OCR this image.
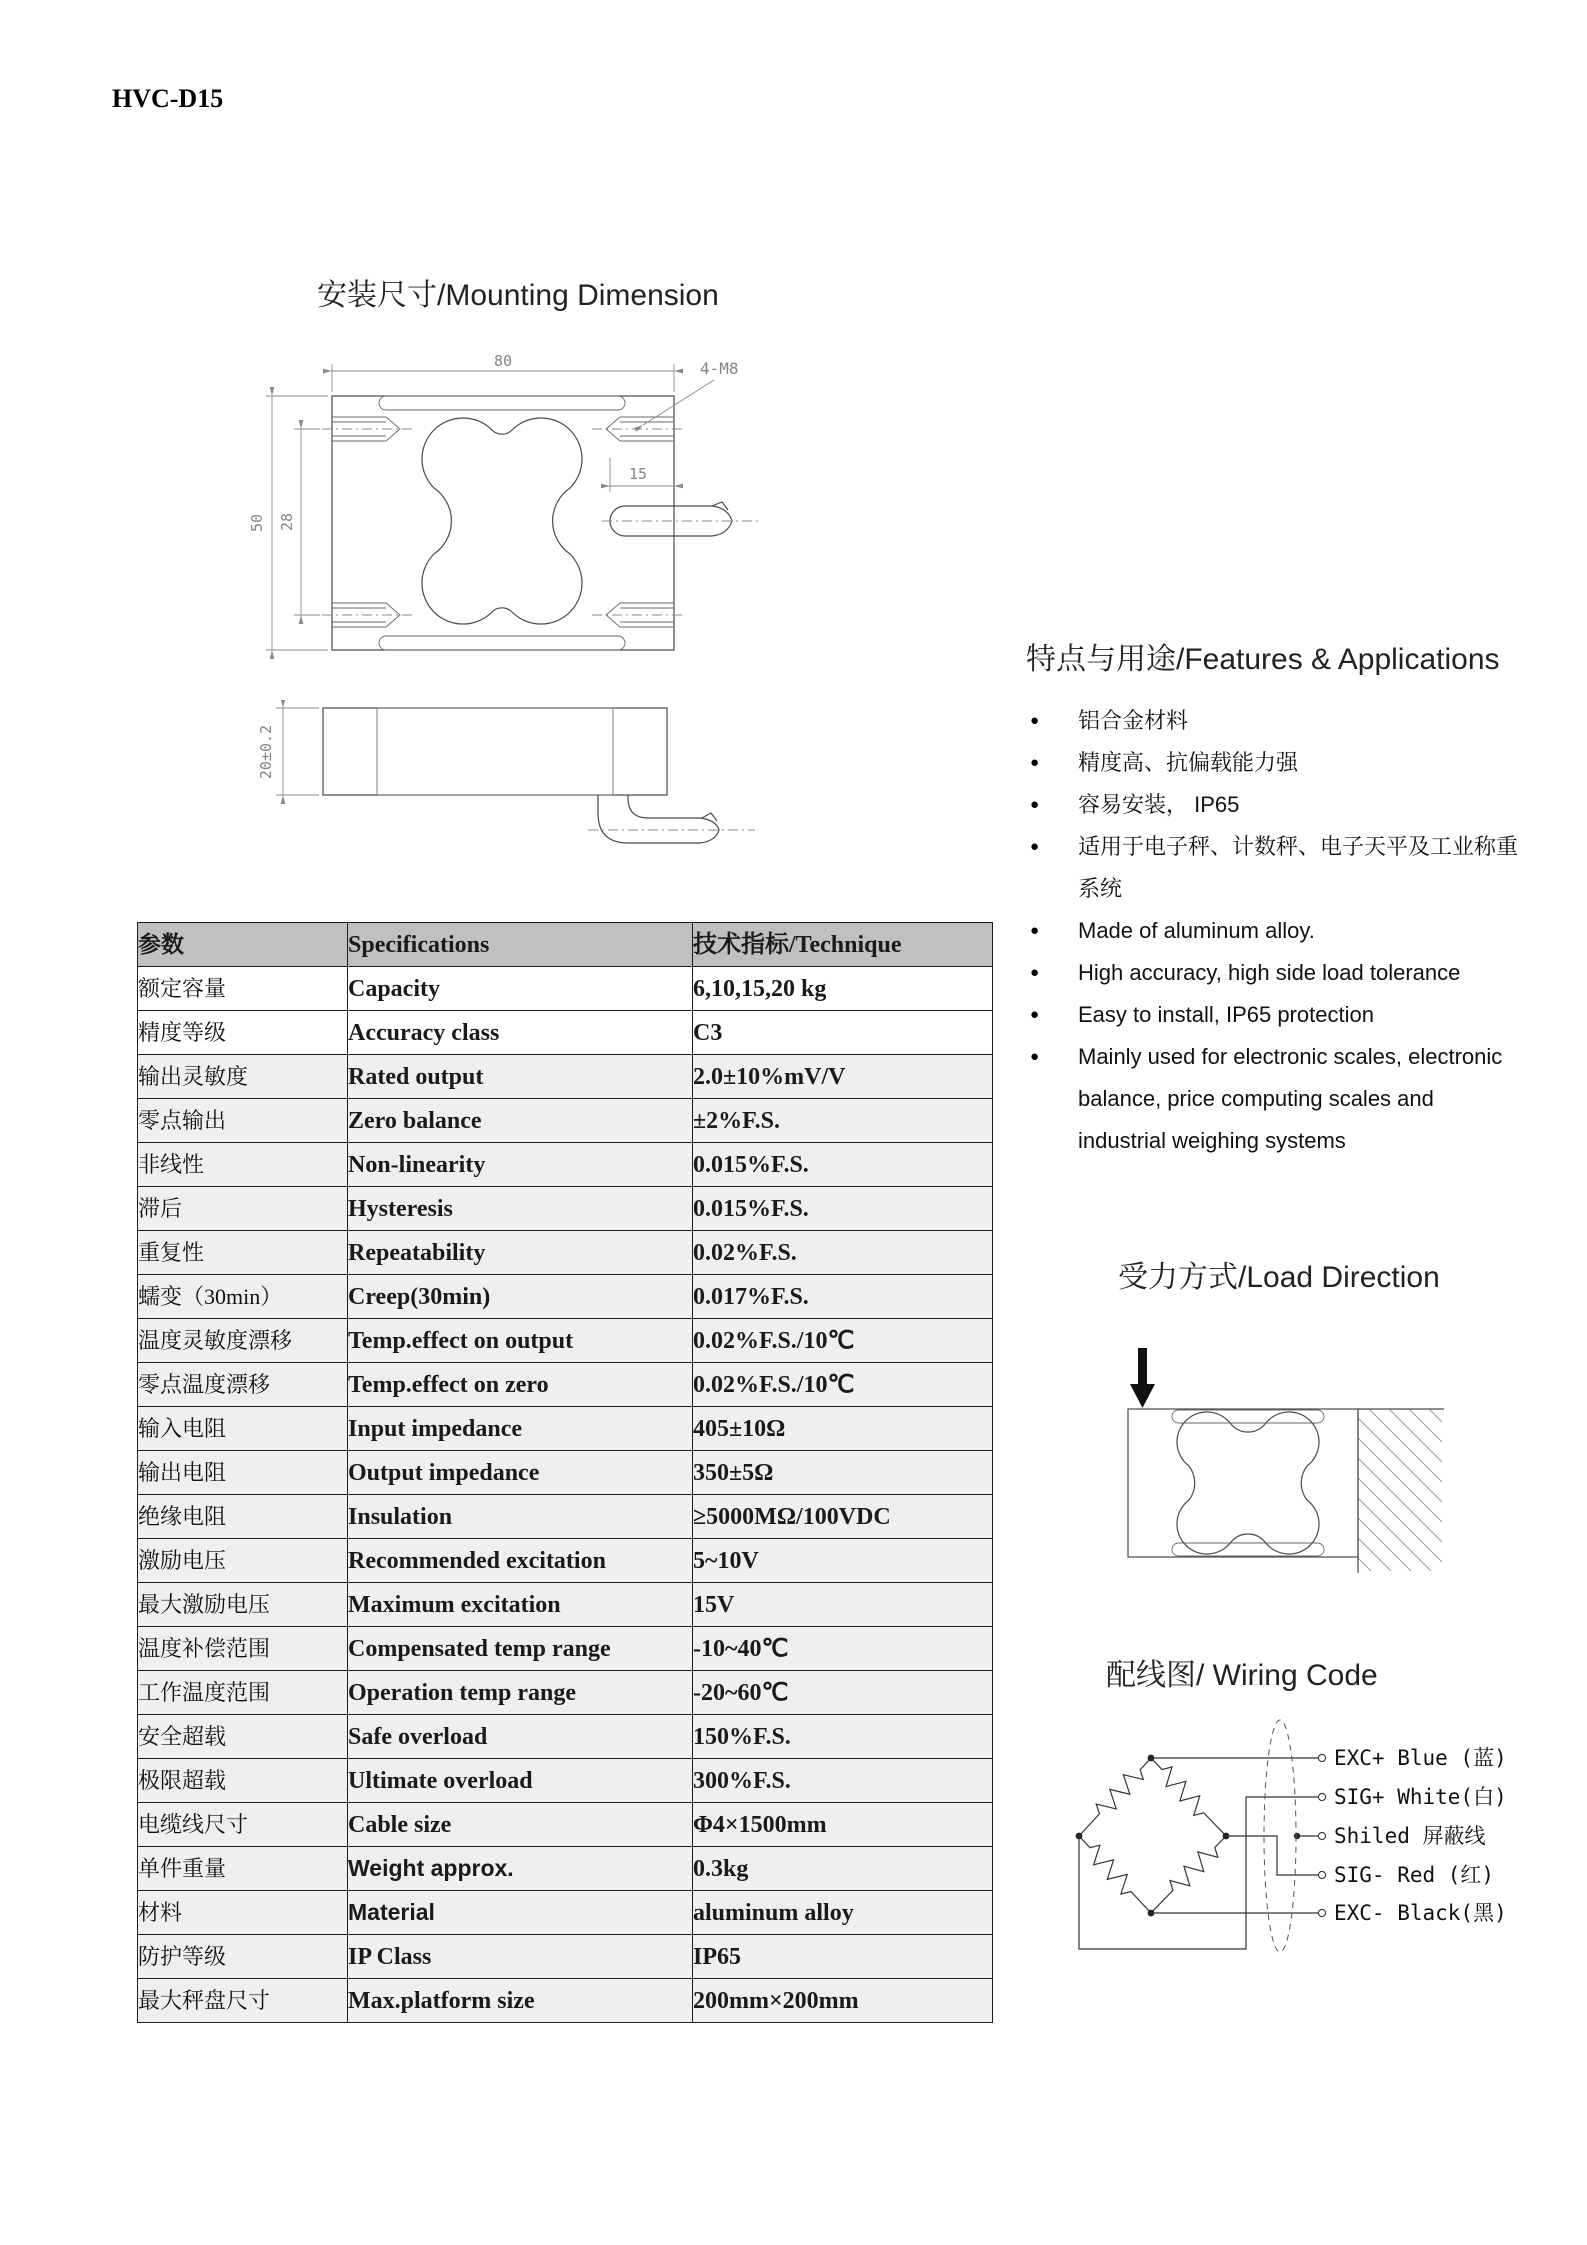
HVC-D15
安装尺寸/Mounting Dimension
80
50 28
15
4-M8
20±0.2
参数	Specifications	技术指标/Technique
额定容量	Capacity	6,10,15,20 kg
精度等级	Accuracy class	C3
输出灵敏度	Rated output	2.0±10%mV/V
零点输出	Zero balance	±2%F.S.
非线性	Non-linearity	0.015%F.S.
滞后	Hysteresis	0.015%F.S.
重复性	Repeatability	0.02%F.S.
蠕变（30min）	Creep(30min)	0.017%F.S.
温度灵敏度漂移	Temp.effect on output	0.02%F.S./10℃
零点温度漂移	Temp.effect on zero	0.02%F.S./10℃
输入电阻	Input impedance	405±10Ω
输出电阻	Output impedance	350±5Ω
绝缘电阻	Insulation	≥5000MΩ/100VDC
激励电压	Recommended excitation	5~10V
最大激励电压	Maximum excitation	15V
温度补偿范围	Compensated temp range	-10~40℃
工作温度范围	Operation temp range	-20~60℃
安全超载	Safe overload	150%F.S.
极限超载	Ultimate overload	300%F.S.
电缆线尺寸	Cable size	Φ4×1500mm
单件重量	Weight approx.	0.3kg
材料	Material	aluminum alloy
防护等级	IP Class	IP65
最大秤盘尺寸	Max.platform size	200mm×200mm
特点与用途/Features & Applications
● 铝合金材料
● 精度高、抗偏载能力强
● 容易安装， IP65
● 适用于电子秤、计数秤、电子天平及工业称重系统
● Made of aluminum alloy.
● High accuracy, high side load tolerance
● Easy to install, IP65 protection
● Mainly used for electronic scales, electronic balance, price computing scales and industrial weighing systems
受力方式/Load Direction
配线图/ Wiring Code
EXC+ Blue (蓝)
SIG+ White(白)
Shiled 屏蔽线
SIG- Red (红)
EXC- Black(黑)
